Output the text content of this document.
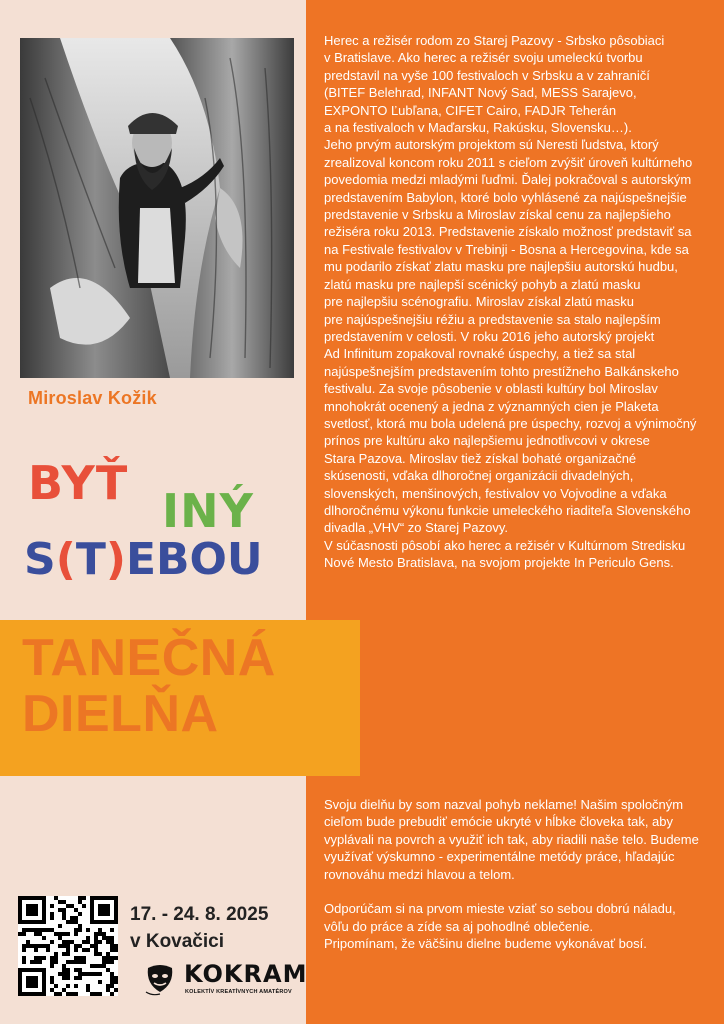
Miroslav Kožik
BYŤ
INÝ
S(
T)EBOU
TANEČNÁ
DIELŇA
Herec a režisér rodom zo Starej Pazovy - Srbsko pôsobiaci
v Bratislave. Ako herec a režisér svoju umeleckú tvorbu
predstavil na vyše 100 festivaloch v Srbsku a v zahraničí
(BITEF Belehrad, INFANT Nový Sad, MESS Sarajevo,
EXPONTO Ľubľana, CIFET Cairo, FADJR Teherán
a na festivaloch v Maďarsku, Rakúsku, Slovensku…).
Jeho prvým autorským projektom sú Neresti ľudstva, ktorý
zrealizoval koncom roku 2011 s cieľom zvýšiť úroveň kultúrneho
povedomia medzi mladými ľuďmi. Ďalej pokračoval s autorským
predstavením Babylon, ktoré bolo vyhlásené za najúspešnejšie
predstavenie v Srbsku a Miroslav získal cenu za najlepšieho
režiséra roku 2013. Predstavenie získalo možnosť predstaviť sa
na Festivale festivalov v Trebinji - Bosna a Hercegovina, kde sa
mu podarilo získať zlatu masku pre najlepšiu autorskú hudbu,
zlatú masku pre najlepší scénický pohyb a zlatú masku
pre najlepšiu scénografiu. Miroslav získal zlatú masku
pre najúspešnejšiu réžiu a predstavenie sa stalo najlepším
predstavením v celosti. V roku 2016 jeho autorský projekt
Ad Infinitum zopakoval rovnaké úspechy, a tiež sa stal
najúspešnejším predstavením tohto prestížneho Balkánskeho
festivalu. Za svoje pôsobenie v oblasti kultúry bol Miroslav
mnohokrát ocenený a jedna z významných cien je Plaketa
svetlosť, ktorá mu bola udelená pre úspechy, rozvoj a výnimočný
prínos pre kultúru ako najlepšiemu jednotlivcovi v okrese
Stara Pazova. Miroslav tiež získal bohaté organizačné
skúsenosti, vďaka dlhoročnej organizácii divadelných,
slovenských, menšinových, festivalov vo Vojvodine a vďaka
dlhoročnému výkonu funkcie umeleckého riaditeľa Slovenského
divadla „VHV“ zo Starej Pazovy.
V súčasnosti pôsobí ako herec a režisér v Kultúrnom Stredisku
Nové Mesto Bratislava, na svojom projekte In Periculo Gens.
Svoju dielňu by som nazval pohyb neklame! Našim spoločným
cieľom bude prebudiť emócie ukryté v hĺbke človeka tak, aby
vyplávali na povrch a využiť ich tak, aby riadili naše telo. Budeme
využívať výskumno - experimentálne metódy práce, hľadajúc
rovnováhu medzi hlavou a telom.

Odporúčam si na prvom mieste vziať so sebou dobrú náladu,
vôľu do práce a zíde sa aj pohodlné oblečenie.
Pripomínam, že väčšinu dielne budeme vykonávať bosí.
17. - 24. 8. 2025
v Kovačici
KOKRAM
KOLEKTÍV KREATÍVNYCH AMATÉROV
